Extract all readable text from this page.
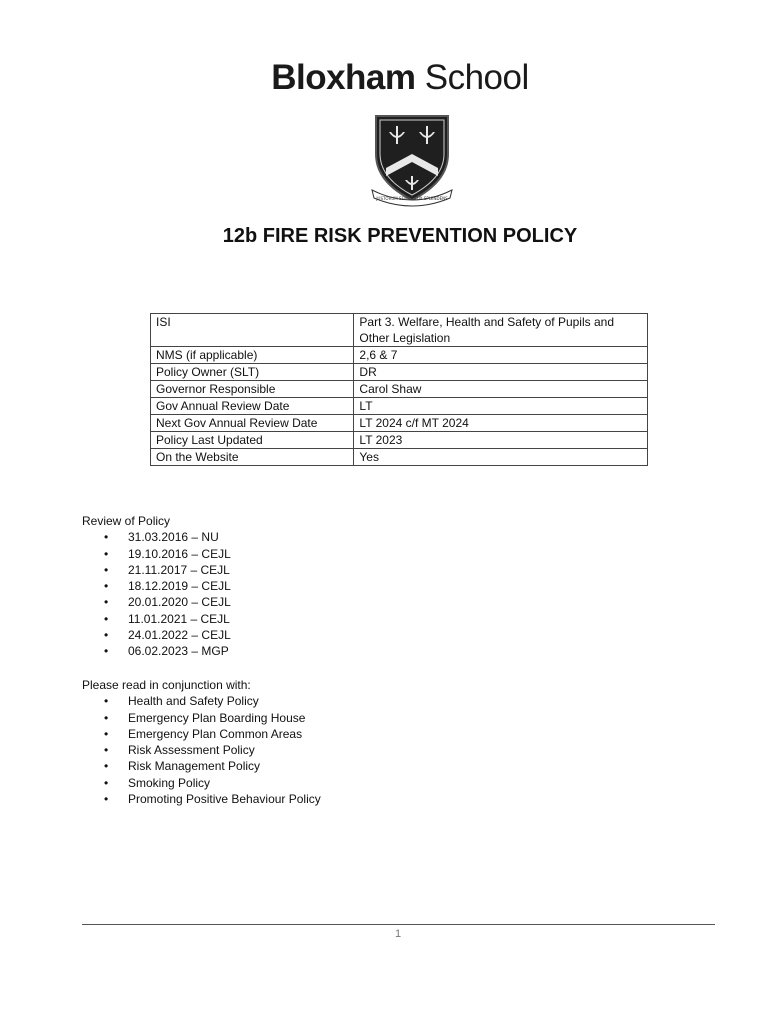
Bloxham School
JUSTORUM SEMITA LUX SPLENDENS
12b FIRE RISK PREVENTION POLICY
ISI	Part 3. Welfare, Health and Safety of Pupils and Other Legislation
NMS (if applicable)	2,6 & 7
Policy Owner (SLT)	DR
Governor Responsible	Carol Shaw
Gov Annual Review Date	LT
Next Gov Annual Review Date	LT 2024 c/f MT 2024
Policy Last Updated	LT 2023
On the Website	Yes

Review of Policy

• 31.03.2016 – NU
• 19.10.2016 – CEJL
• 21.11.2017 – CEJL
• 18.12.2019 – CEJL
• 20.01.2020 – CEJL
• 11.01.2021 – CEJL
• 24.01.2022 – CEJL
• 06.02.2023 – MGP

Please read in conjunction with:

• Health and Safety Policy
• Emergency Plan Boarding House
• Emergency Plan Common Areas
• Risk Assessment Policy
• Risk Management Policy
• Smoking Policy
• Promoting Positive Behaviour Policy
1
